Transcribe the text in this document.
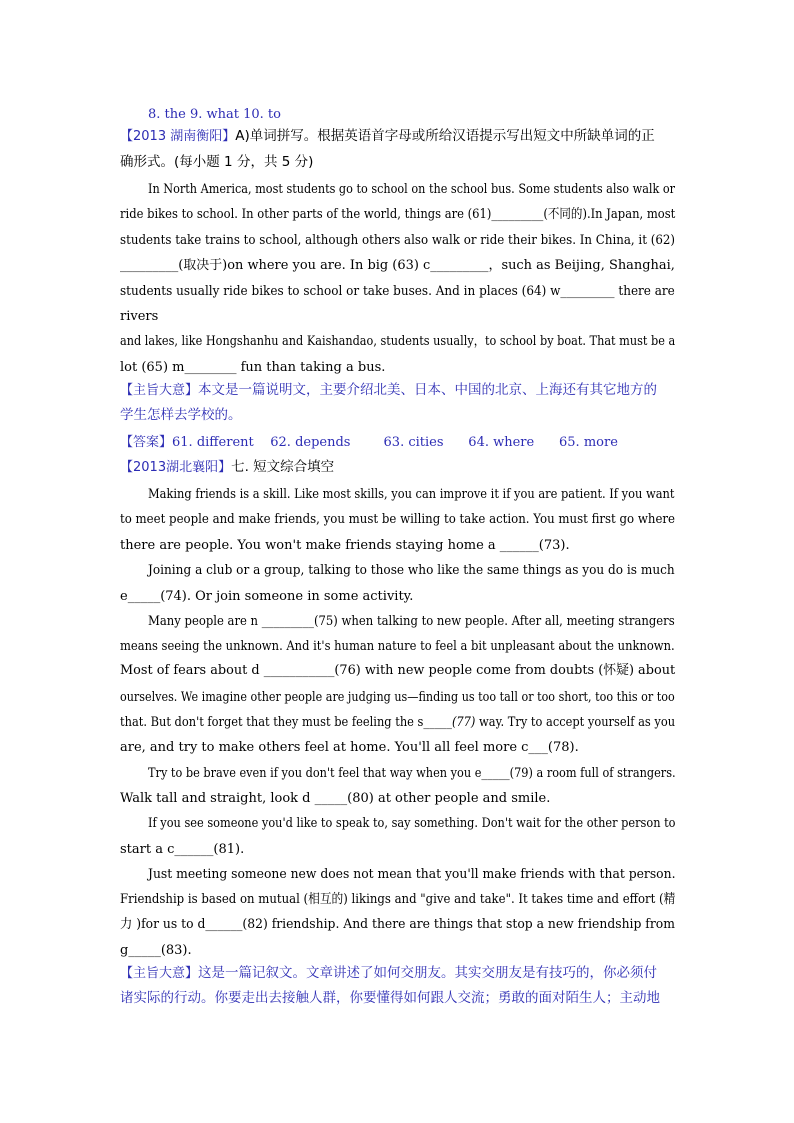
8. the 9. what 10. to
【2013 湖南衡阳】A)单词拼写。根据英语首字母或所给汉语提示写出短文中所缺单词的正
确形式。(每小题 1 分，共 5 分)
In North America, most students go to school on the school bus. Some students also walk or
ride bikes to school. In other parts of the world, things are (61)_________(不同的).In Japan, most
students take trains to school, although others also walk or ride their bikes. In China, it (62)
_________(取决于)on where you are. In big (63) c_________，such as Beijing, Shanghai,
students usually ride bikes to school or take buses. And in places (64) w_________ there are
rivers
and lakes, like Hongshanhu and Kaishandao, students usually，to school by boat. That must be a
lot (65) m________ fun than taking a bus.
【主旨大意】本文是一篇说明文，主要介绍北美、日本、中国的北京、上海还有其它地方的
学生怎样去学校的。
【答案】61. different    62. depends        63. cities      64. where      65. more
【2013湖北襄阳】七. 短文综合填空
Making friends is a skill. Like most skills, you can improve it if you are patient. If you want
to meet people and make friends, you must be willing to take action. You must first go where
there are people. You won't make friends staying home a ______(73).
Joining a club or a group, talking to those who like the same things as you do is much
e_____(74). Or join someone in some activity.
Many people are n _________(75) when talking to new people. After all, meeting strangers
means seeing the unknown. And it's human nature to feel a bit unpleasant about the unknown.
Most of fears about d ___________(76) with new people come from doubts (怀疑) about
ourselves. We imagine other people are judging us—finding us too tall or too short, too this or too
that. But don't forget that they must be feeling the s_____(77) way. Try to accept yourself as you
are, and try to make others feel at home. You'll all feel more c___(78).
Try to be brave even if you don't feel that way when you e_____(79) a room full of strangers.
Walk tall and straight, look d _____(80) at other people and smile.
If you see someone you'd like to speak to, say something. Don't wait for the other person to
start a c______(81).
Just meeting someone new does not mean that you'll make friends with that person.
Friendship is based on mutual (相互的) likings and "give and take". It takes time and effort (精
力 )for us to d______(82) friendship. And there are things that stop a new friendship from
g_____(83).
【主旨大意】这是一篇记叙文。文章讲述了如何交朋友。其实交朋友是有技巧的，你必须付
诸实际的行动。你要走出去接触人群，你要懂得如何跟人交流；勇敢的面对陌生人；主动地
